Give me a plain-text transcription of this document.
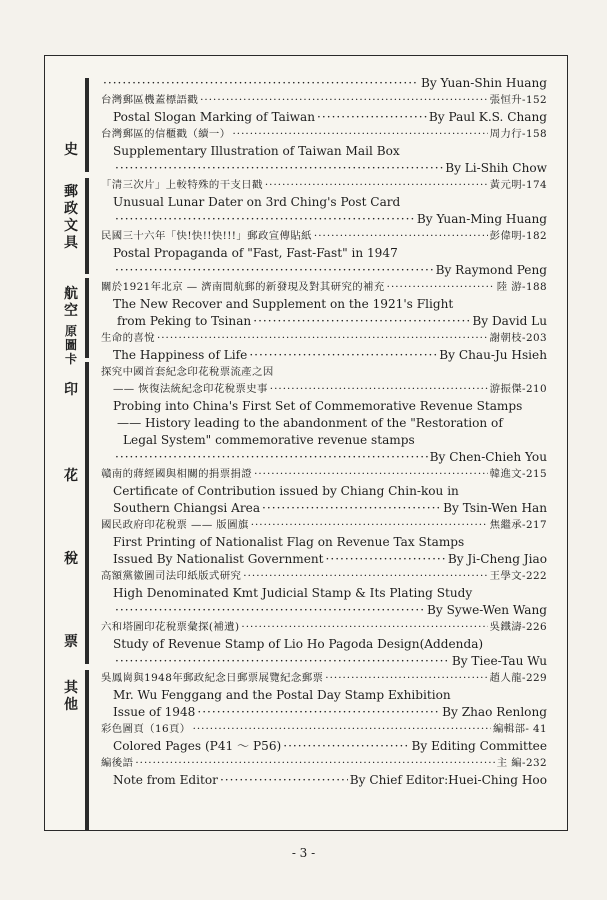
史
郵政文具
航空
原圖卡
印
花
稅
票
其他
·····
By Yuan-Shin Huang
台灣郵區機蓋標語戳 ·····	張恒升-152
Postal Slogan Marking of Taiwan ·····	By Paul K.S. Chang
台灣郵區的信櫃戳（續一） ·····	周力行-158
Supplementary Illustration of Taiwan Mail Box
·····
By Li-Shih Chow
「清三次片」上較特殊的干支日戳 ·····	黃元明-174
Unusual Lunar Dater on 3rd Ching's Post Card
·····
By Yuan-Ming Huang
民國三十六年「快!快!!快!!!」郵政宣傳貼紙 ·····	彭偉明-182
Postal Propaganda of "Fast, Fast-Fast" in 1947
·····
By Raymond Peng
關於1921年北京 — 濟南間航郵的新發現及對其研究的補充 ·····	陸 游-188
The New Recover and Supplement on the 1921's Flight
from Peking to Tsinan ·····	By David Lu
生命的喜悅 ·····	謝朝枝-203
The Happiness of Life ·····	By Chau-Ju Hsieh
探究中國首套紀念印花稅票流產之因
—— 恢復法統紀念印花稅票史事 ·····	游振傑-210
Probing into China's First Set of Commemorative Revenue Stamps
—— History leading to the abandonment of the "Restoration of
Legal System" commemorative revenue stamps
·····
By Chen-Chieh You
贛南的蔣經國與相關的捐票捐證 ·····	韓進文-215
Certificate of Contribution issued by Chiang Chin-kou in
Southern Chiangsi Area ·····	By Tsin-Wen Han
國民政府印花稅票 —— 版圖旗 ·····	焦繼承-217
First Printing of Nationalist Flag on Revenue Tax Stamps
Issued By Nationalist Government ·····	By Ji-Cheng Jiao
高額黨徽圖司法印紙版式研究 ·····	王學文-222
High Denominated Kmt Judicial Stamp & Its Plating Study
·····
By Sywe-Wen Wang
六和塔圖印花稅票彙探(補遺) ·····	吳鐵濤-226
Study of Revenue Stamp of Lio Ho Pagoda Design(Addenda)
·····
By Tiee-Tau Wu
吳鳳崗與1948年郵政紀念日郵票展覽紀念郵票 ·····	趙人龍-229
Mr. Wu Fenggang and the Postal Day Stamp Exhibition
Issue of 1948 ·····	By Zhao Renlong
彩色圖頁（16頁） ·····	編輯部- 41
Colored Pages (P41 ～ P56) ·····	By Editing Committee
編後語 ·····	主 編-232
Note from Editor ·····	By Chief Editor:Huei-Ching Hoo
- 3 -
